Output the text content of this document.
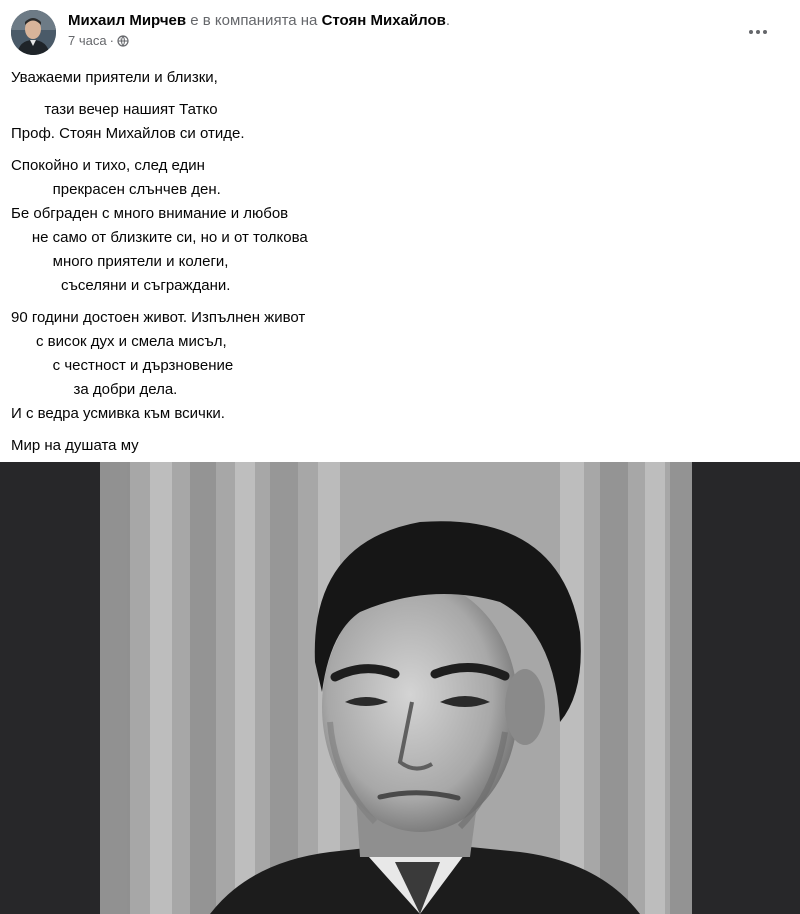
Михаил Мирчев е в компанията на Стоян Михайлов.
7 часа ·

Уважаеми приятели и близки,

тази вечер нашият Татко

Проф. Стоян Михайлов си отиде.

Спокойно и тихо, след един

прекрасен слънчев ден.

Бе обграден с много внимание и любов

не само от близките си, но и от толкова

много приятели и колеги,

съселяни и съграждани.

90 години достоен живот. Изпълнен живот

с висок дух и смела мисъл,

с честност и дързновение

за добри дела.

И с ведра усмивка към всички.

Мир на душата му
